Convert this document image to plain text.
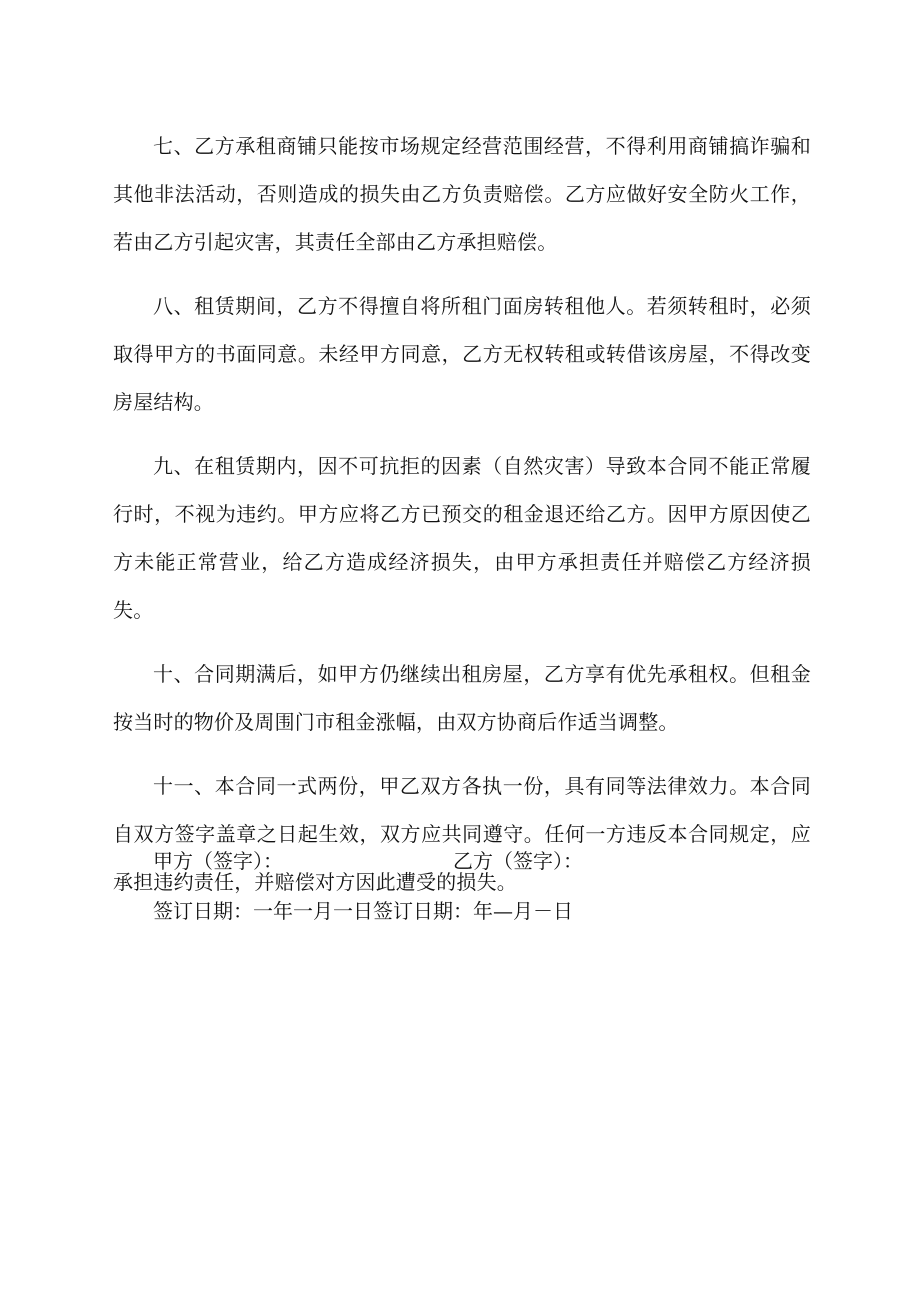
七、乙方承租商铺只能按市场规定经营范围经营，不得利用商铺搞诈骗和其他非法活动，否则造成的损失由乙方负责赔偿。乙方应做好安全防火工作，若由乙方引起灾害，其责任全部由乙方承担赔偿。

八、租赁期间，乙方不得擅自将所租门面房转租他人。若须转租时，必须取得甲方的书面同意。未经甲方同意，乙方无权转租或转借该房屋，不得改变房屋结构。

九、在租赁期内，因不可抗拒的因素（自然灾害）导致本合同不能正常履行时，不视为违约。甲方应将乙方已预交的租金退还给乙方。因甲方原因使乙方未能正常营业，给乙方造成经济损失，由甲方承担责任并赔偿乙方经济损失。

十、合同期满后，如甲方仍继续出租房屋，乙方享有优先承租权。但租金按当时的物价及周围门市租金涨幅，由双方协商后作适当调整。

十一、本合同一式两份，甲乙双方各执一份，具有同等法律效力。本合同自双方签字盖章之日起生效，双方应共同遵守。任何一方违反本合同规定，应承担违约责任，并赔偿对方因此遭受的损失。

甲方（签字）：	乙方（签字）：
签订日期：一年一月一日签订日期：年—月－日
